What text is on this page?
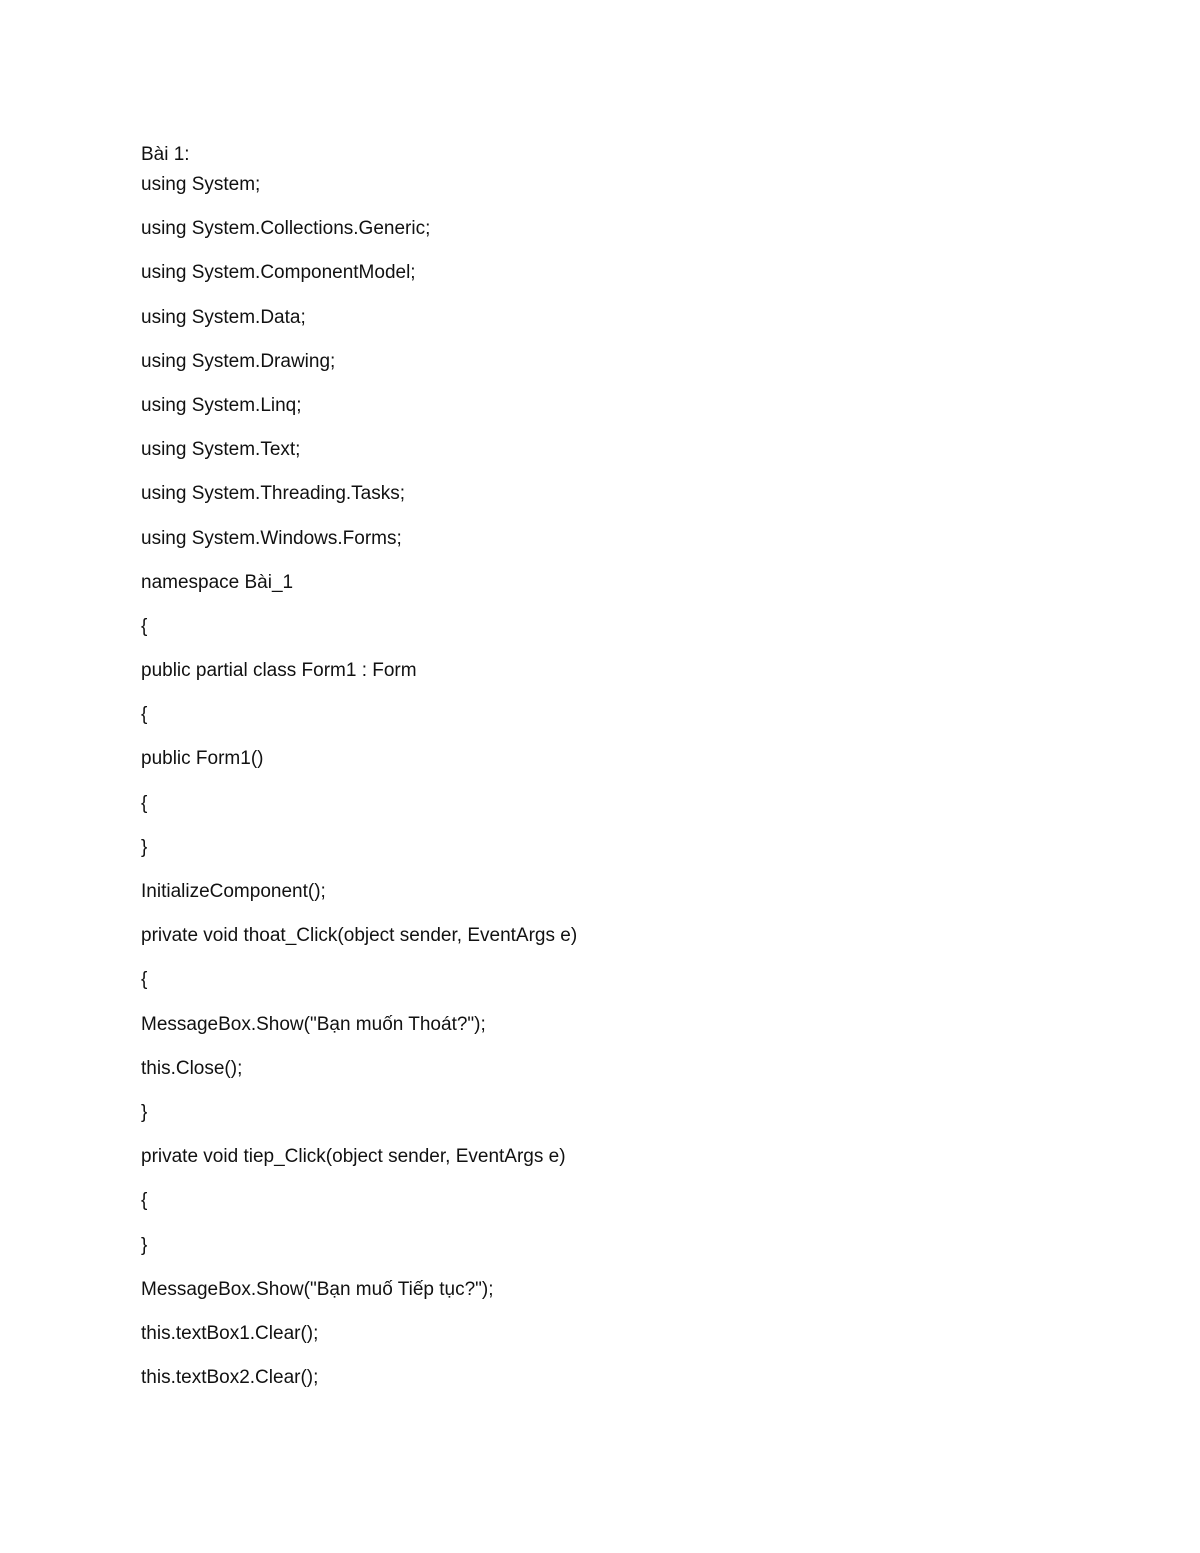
Bài 1:
using System;
using System.Collections.Generic;
using System.ComponentModel;
using System.Data;
using System.Drawing;
using System.Linq;
using System.Text;
using System.Threading.Tasks;
using System.Windows.Forms;
namespace Bài_1
{
public partial class Form1 : Form
{
public Form1()
{
}
InitializeComponent();
private void thoat_Click(object sender, EventArgs e)
{
MessageBox.Show("Bạn muốn Thoát?");
this.Close();
}
private void tiep_Click(object sender, EventArgs e)
{
}
MessageBox.Show("Bạn muố Tiếp tục?");
this.textBox1.Clear();
this.textBox2.Clear();
